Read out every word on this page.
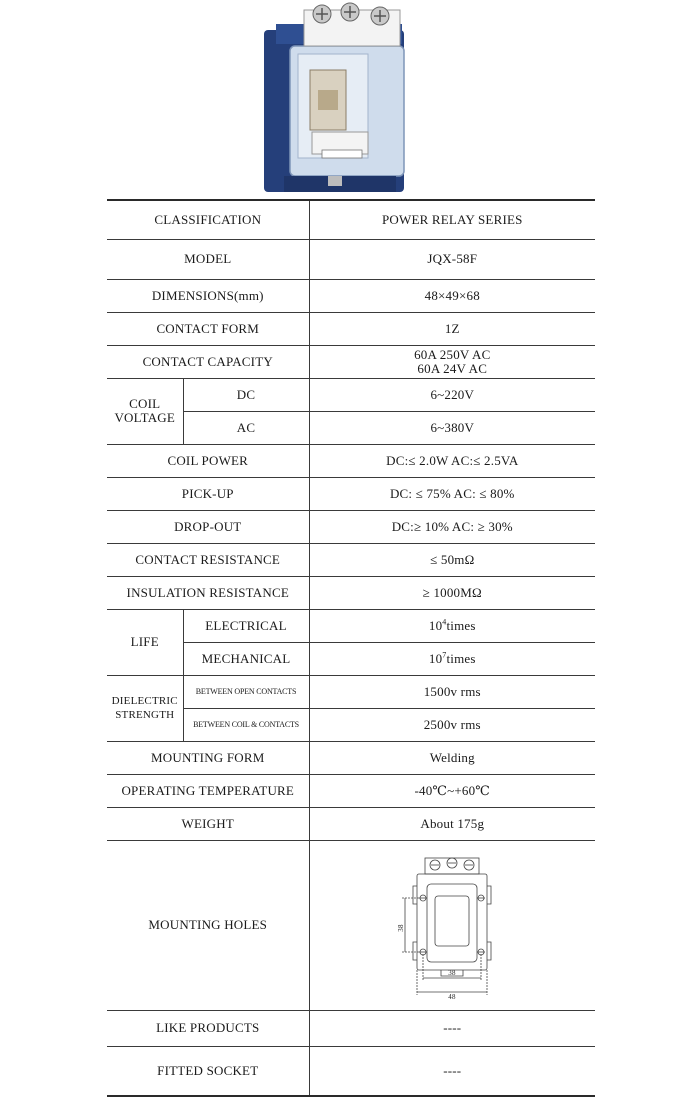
CLASSIFICATION		POWER RELAY SERIES
MODEL		JQX-58F
DIMENSIONS(mm)		48×49×68
CONTACT FORM		1Z
CONTACT CAPACITY		60A 250V AC
60A 24V AC

COIL
VOLTAGE	DC	6~220V
	AC	6~380V
COIL POWER		DC:≤ 2.0W AC:≤ 2.5VA
PICK-UP		DC: ≤ 75% AC: ≤ 80%
DROP-OUT		DC:≥ 10% AC: ≥ 30%
CONTACT RESISTANCE		≤ 50mΩ
INSULATION RESISTANCE		≥ 1000MΩ
LIFE	ELECTRICAL	$10^4times$
	MECHANICAL	$10^7times$

DIELECTRIC
STRENGTH	BETWEEN OPEN CONTACTS	1500v rms
	BETWEEN COIL & CONTACTS	2500v rms
MOUNTING FORM		Welding
OPERATING TEMPERATURE		-40℃~+60℃
WEIGHT		About 175g
MOUNTING HOLES		38
38
48

LIKE PRODUCTS		----
FITTED SOCKET		----
